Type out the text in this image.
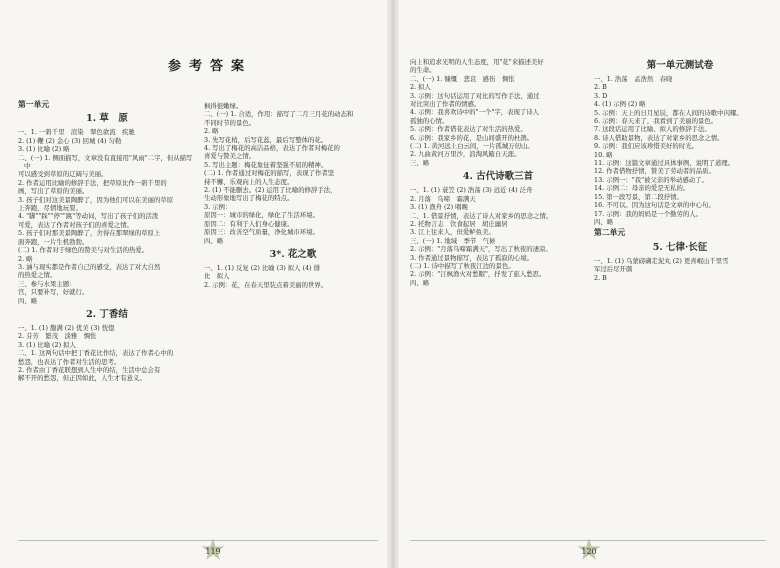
参考答案

第一单元

1. 草　原

一、1. 一碧千里　渲染　翠色欲流　疾驰

2. (1) 鞭 (2) 金心 (3) 回城 (4) 匀勒

3. (1) 比喻 (2) 略

二、(一) 1. 侧面描写，文章没有直接用"风雨"二字，但从描写中

可以感受到草原的辽阔与美丽。

2. 作者运用比喻的修辞手法，把草原比作一碧千里的

画，写出了草原的美丽。

3. 孩子们对这美景陶醉了，因为他们可以在美丽的草原

上奔跑，尽情地玩耍。

4. "脚""踩""停""跳"等动词，写出了孩子们的活泼

可爱，表达了作者对孩子们的喜爱之情。

5. 孩子们对那美景陶醉了，舍得在那翠绿的草原上

面奔跑，一片生机勃勃。

(二) 1. 作者对于绿色的赞美与对生活的热爱。

2. 略

3. 涵与现实都是作者自己的感受，表达了对大自然

的热爱之情。

三、参与水果主题：

宫，只要补写，好就行。

四、略

2. 丁香结

一、1. (1) 馥满 (2) 优美 (3) 恍惚

2. 芬芳　繁茂　淡雅　惆怅

3. (1) 比喻 (2) 拟人

二、1. 这两句话中把丁香花比作结，表达了作者心中的

愁怨，也表达了作者对生活的思考。

2. 作者由丁香花联想到人生中的结，生活中总会有

解不开的愁怨，但正因如此，人生才有意义。

枫得很嫩绿。

二、(一) 1. 合适，作用：描写了二月三月花的动态和

不同时节的景色。

2. 略

3. 先写花梢，后写花蕊，最后写整体的花。

4. 写出了梅花的高洁品格，表达了作者对梅花的

喜爱与赞美之情。

5. 写出主题：梅花象征着坚强不屈的精神。

(二) 1. 作者通过对梅花的描写，表现了作者坚

持不懈、乐观向上的人生态度。

2. (1) 不能删去。(2) 运用了比喻的修辞手法，

生动形象地写出了梅花的特点。

3. 示例：

原因一：城市的绿化，绿化了生活环境。

原因二：有利于人们身心健康。

原因三：改善空气质量，净化城市环境。

四、略

3*. 花之歌

一、1. (1) 反复 (2) 比喻 (3) 拟人 (4) 排

比　拟人

2. 示例：花，在春天里装点着美丽的世界。

向上和追求光明的人生态度，用"花"来描述美好

的生命。

二、(一) 1. 慷慨　悲哀　感伤　惆怅

2. 拟人

3. 示例：这句话运用了对比的写作手法，通过

对比突出了作者的情感。

4. 示例：我喜欢诗中的"一个"字，表现了诗人

孤独的心情。

5. 示例：作者借花表达了对生活的热爱。

6. 示例：我家乡的花，是山间盛开的杜鹃。

(二) 1. 黄河远上白云间，一片孤城万仞山。

2. 九曲黄河万里沙，浪淘风簸自天涯。

三、略

4. 古代诗歌三首

一、1. (1) 蓑笠 (2) 浩荡 (3) 远近 (4) 泛舟

2. 月落　乌啼　霜满天

3. (1) 渔舟 (2) 唱晚

二、1. 借景抒情，表达了诗人对家乡的思念之情。

2. 托物言志　饮食起居　胡庄幽居

3. 江上往来人，但爱鲈鱼美。

三、(一) 1. 地域　季节　气候

2. 示例："月落乌啼霜满天"，写出了秋夜的凄凉。

3. 作者通过景物描写，表达了孤寂的心境。

(二) 1. 诗中描写了秋夜江边的景色。

2. 示例："江枫渔火对愁眠"，抒发了旅人愁思。

四、略

第一单元测试卷

一、1. 浩荡　孟浩然　春晓

2. B

3. D

4. (1) 示例 (2) 略

5. 示例：天上的日月星辰，都在人间的诗歌中闪耀。

6. 示例：春天来了，我看到了美丽的景色。

7. 这段话运用了比喻、拟人的修辞手法。

8. 诗人借助景物，表达了对家乡的思念之情。

9. 示例：我们应该珍惜美好的时光。

10. 略

11. 示例：这篇文章通过具体事例，说明了道理。

12. 作者借物抒情，赞美了劳动者的品质。

13. 示例一："我"被父亲的举动感动了。

14. 示例二：母亲的爱是无私的。

15. 第一段写景，第二段抒情。

16. 不可以。因为这句话是文章的中心句。

17. 示例：我的妈妈是一个勤劳的人。

四、略

第二单元

5. 七律·长征

一、1. (1) 乌蒙磅礴走泥丸 (2) 更喜岷山千里雪

军过后尽开颜

2. B

119	120
